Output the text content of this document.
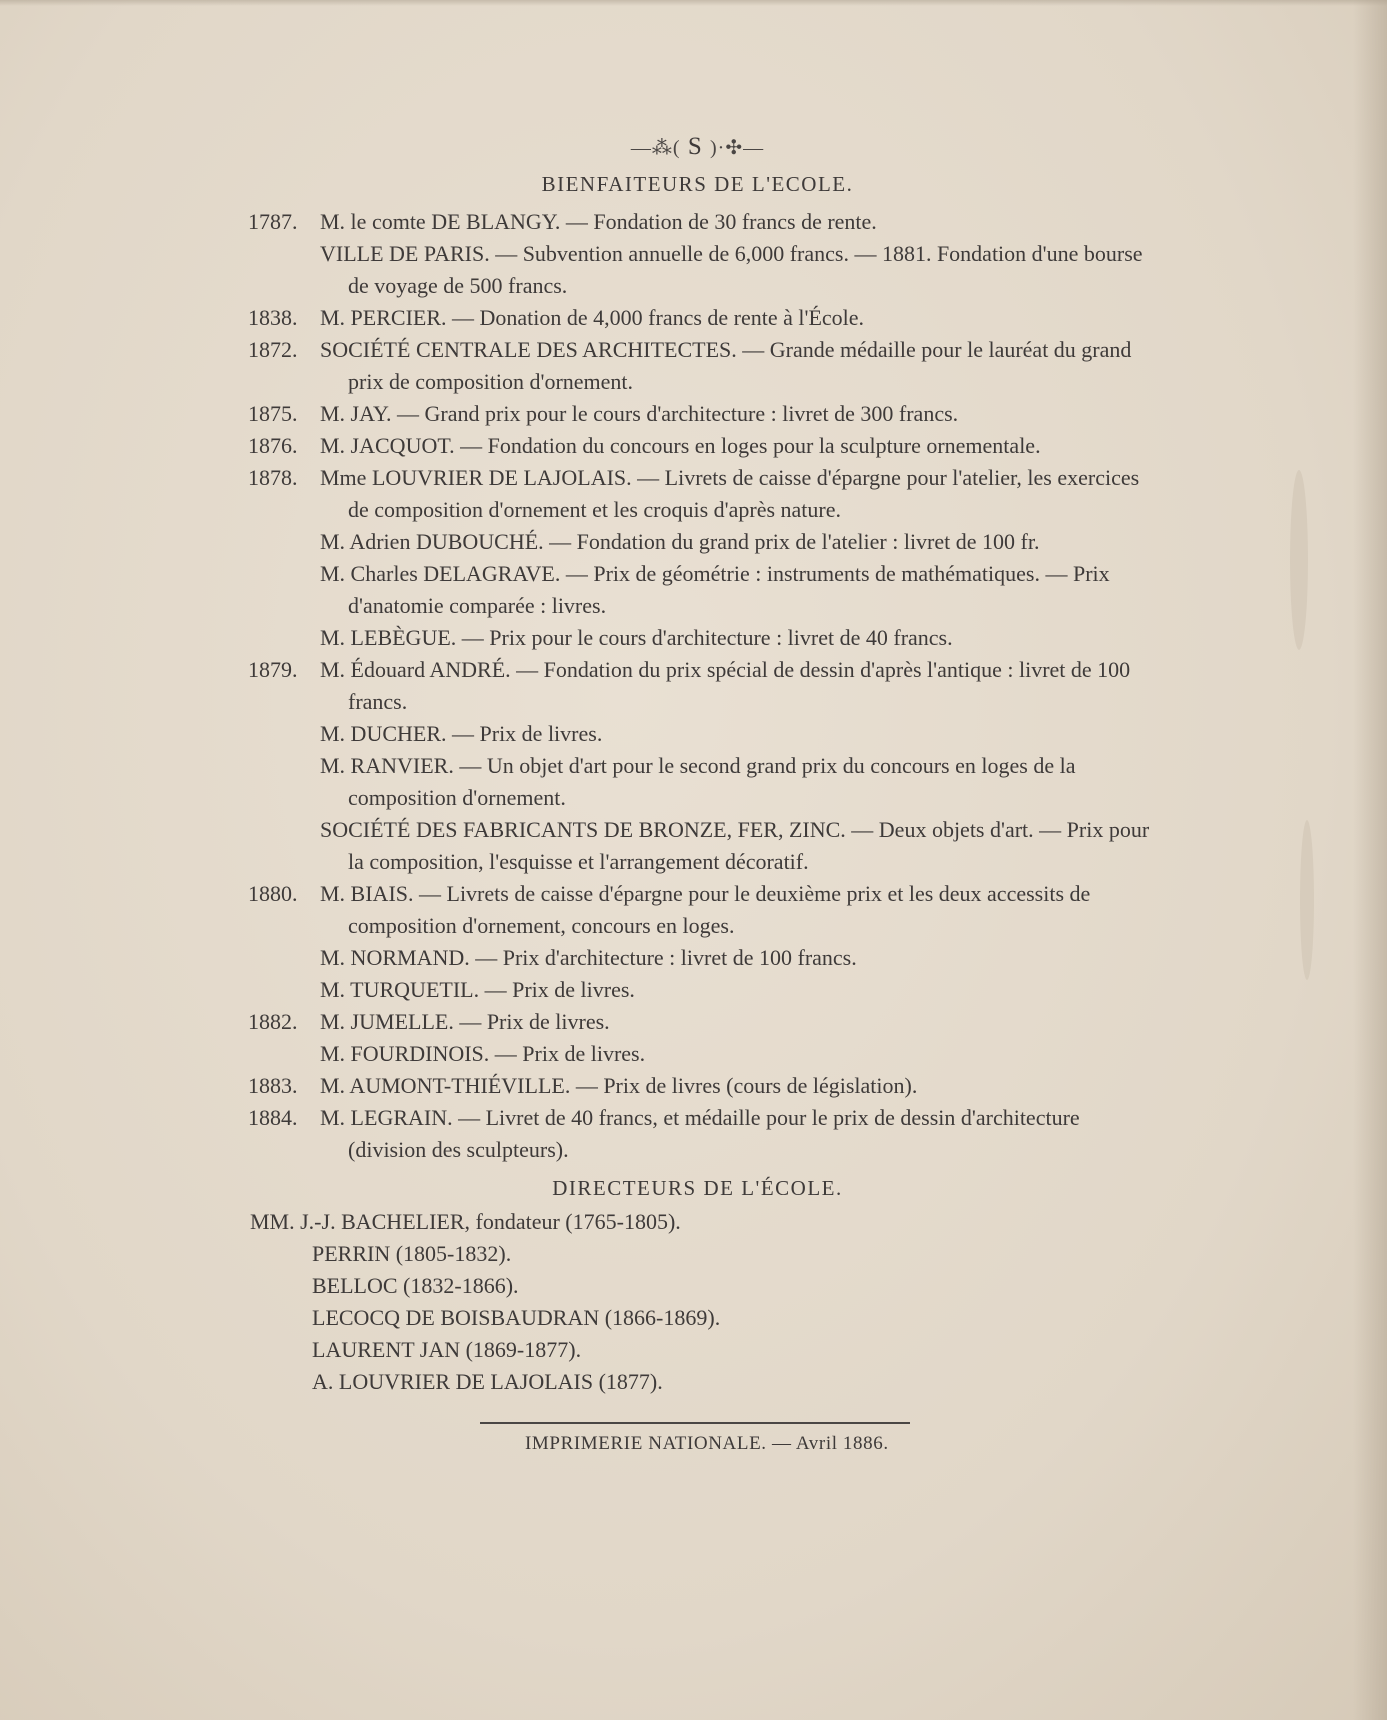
—⁂( S )·✣—
BIENFAITEURS DE L'ECOLE.
1787.	M. le comte DE BLANGY. — Fondation de 30 francs de rente.
VILLE DE PARIS. — Subvention annuelle de 6,000 francs. — 1881. Fondation d'une bourse de voyage de 500 francs.
1838.	M. PERCIER. — Donation de 4,000 francs de rente à l'École.
1872.	SOCIÉTÉ CENTRALE DES ARCHITECTES. — Grande médaille pour le lauréat du grand prix de composition d'ornement.
1875.	M. JAY. — Grand prix pour le cours d'architecture : livret de 300 francs.
1876.	M. JACQUOT. — Fondation du concours en loges pour la sculpture ornementale.
1878.	Mme LOUVRIER DE LAJOLAIS. — Livrets de caisse d'épargne pour l'atelier, les exercices de composition d'ornement et les croquis d'après nature.
M. Adrien DUBOUCHÉ. — Fondation du grand prix de l'atelier : livret de 100 fr.
M. Charles DELAGRAVE. — Prix de géométrie : instruments de mathématiques. — Prix d'anatomie comparée : livres.
M. LEBÈGUE. — Prix pour le cours d'architecture : livret de 40 francs.
1879.	M. Édouard ANDRÉ. — Fondation du prix spécial de dessin d'après l'antique : livret de 100 francs.
M. DUCHER. — Prix de livres.
M. RANVIER. — Un objet d'art pour le second grand prix du concours en loges de la composition d'ornement.
SOCIÉTÉ DES FABRICANTS DE BRONZE, FER, ZINC. — Deux objets d'art. — Prix pour la composition, l'esquisse et l'arrangement décoratif.
1880.	M. BIAIS. — Livrets de caisse d'épargne pour le deuxième prix et les deux accessits de composition d'ornement, concours en loges.
M. NORMAND. — Prix d'architecture : livret de 100 francs.
M. TURQUETIL. — Prix de livres.
1882.	M. JUMELLE. — Prix de livres.
M. FOURDINOIS. — Prix de livres.
1883.	M. AUMONT-THIÉVILLE. — Prix de livres (cours de législation).
1884.	M. LEGRAIN. — Livret de 40 francs, et médaille pour le prix de dessin d'architecture (division des sculpteurs).
DIRECTEURS DE L'ÉCOLE.
MM. J.-J. BACHELIER, fondateur (1765-1805).
PERRIN (1805-1832).
BELLOC (1832-1866).
LECOCQ DE BOISBAUDRAN (1866-1869).
LAURENT JAN (1869-1877).
A. LOUVRIER DE LAJOLAIS (1877).
IMPRIMERIE NATIONALE. — Avril 1886.
